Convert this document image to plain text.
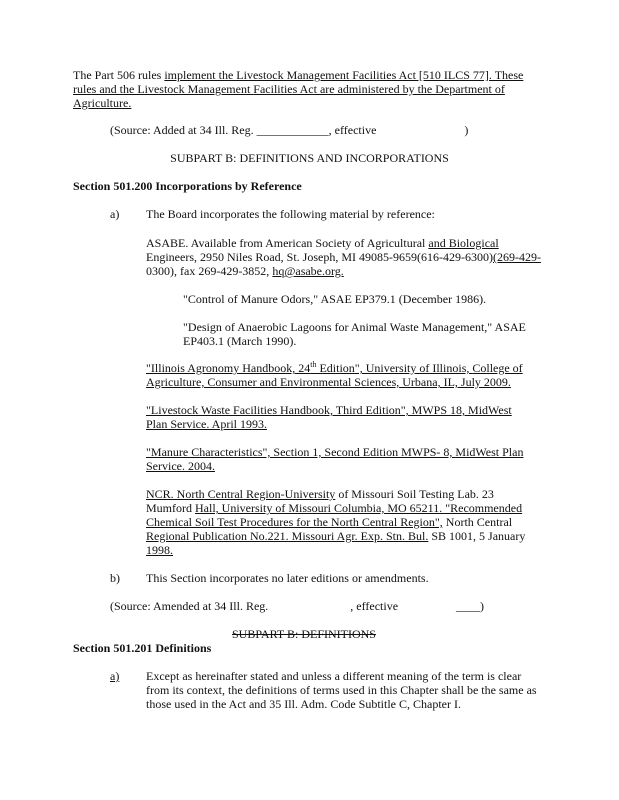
The Part 506 rules implement the Livestock Management Facilities Act [510 ILCS 77]. These

rules and the Livestock Management Facilities Act are administered by the Department of

Agriculture.

(Source: Added at 34 Ill. Reg. ____________, effective	)

SUBPART B: DEFINITIONS AND INCORPORATIONS

Section 501.200 Incorporations by Reference

a) The Board incorporates the following material by reference:

ASABE. Available from American Society of Agricultural and Biological

Engineers, 2950 Niles Road, St. Joseph, MI 49085-9659(616-429-6300)(269-429-

0300), fax 269-429-3852, hq@asabe.org.

"Control of Manure Odors," ASAE EP379.1 (December 1986).

"Design of Anaerobic Lagoons for Animal Waste Management," ASAE

EP403.1 (March 1990).

"Illinois Agronomy Handbook, 24th Edition", University of Illinois, College of

Agriculture, Consumer and Environmental Sciences, Urbana, IL, July 2009.

"Livestock Waste Facilities Handbook, Third Edition", MWPS 18, MidWest

Plan Service. April 1993.

"Manure Characteristics", Section 1, Second Edition MWPS- 8, MidWest Plan

Service. 2004.

NCR. North Central Region-University of Missouri Soil Testing Lab. 23

Mumford Hall, University of Missouri Columbia, MO 65211. "Recommended

Chemical Soil Test Procedures for the North Central Region", North Central

Regional Publication No.221. Missouri Agr. Exp. Stn. Bul. SB 1001, 5 January

1998.

b) This Section incorporates no later editions or amendments.

(Source: Amended at 34 Ill. Reg.	, effective	____)

SUBPART B: DEFINITIONS

Section 501.201 Definitions

a) Except as hereinafter stated and unless a different meaning of the term is clear

from its context, the definitions of terms used in this Chapter shall be the same as

those used in the Act and 35 Ill. Adm. Code Subtitle C, Chapter I.
